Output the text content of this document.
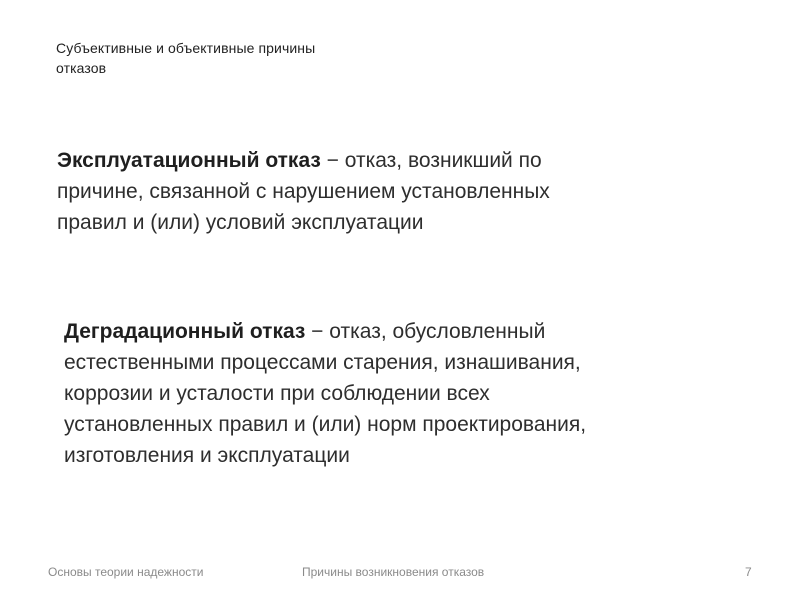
Субъективные и объективные причины
отказов
Эксплуатационный отказ − отказ, возникший по
причине, связанной с нарушением установленных
правил и (или) условий эксплуатации
Деградационный отказ − отказ, обусловленный
естественными процессами старения, изнашивания,
коррозии и усталости при соблюдении всех
установленных правил и (или) норм проектирования,
изготовления и эксплуатации
Основы теории надежности	Причины возникновения отказов	7
